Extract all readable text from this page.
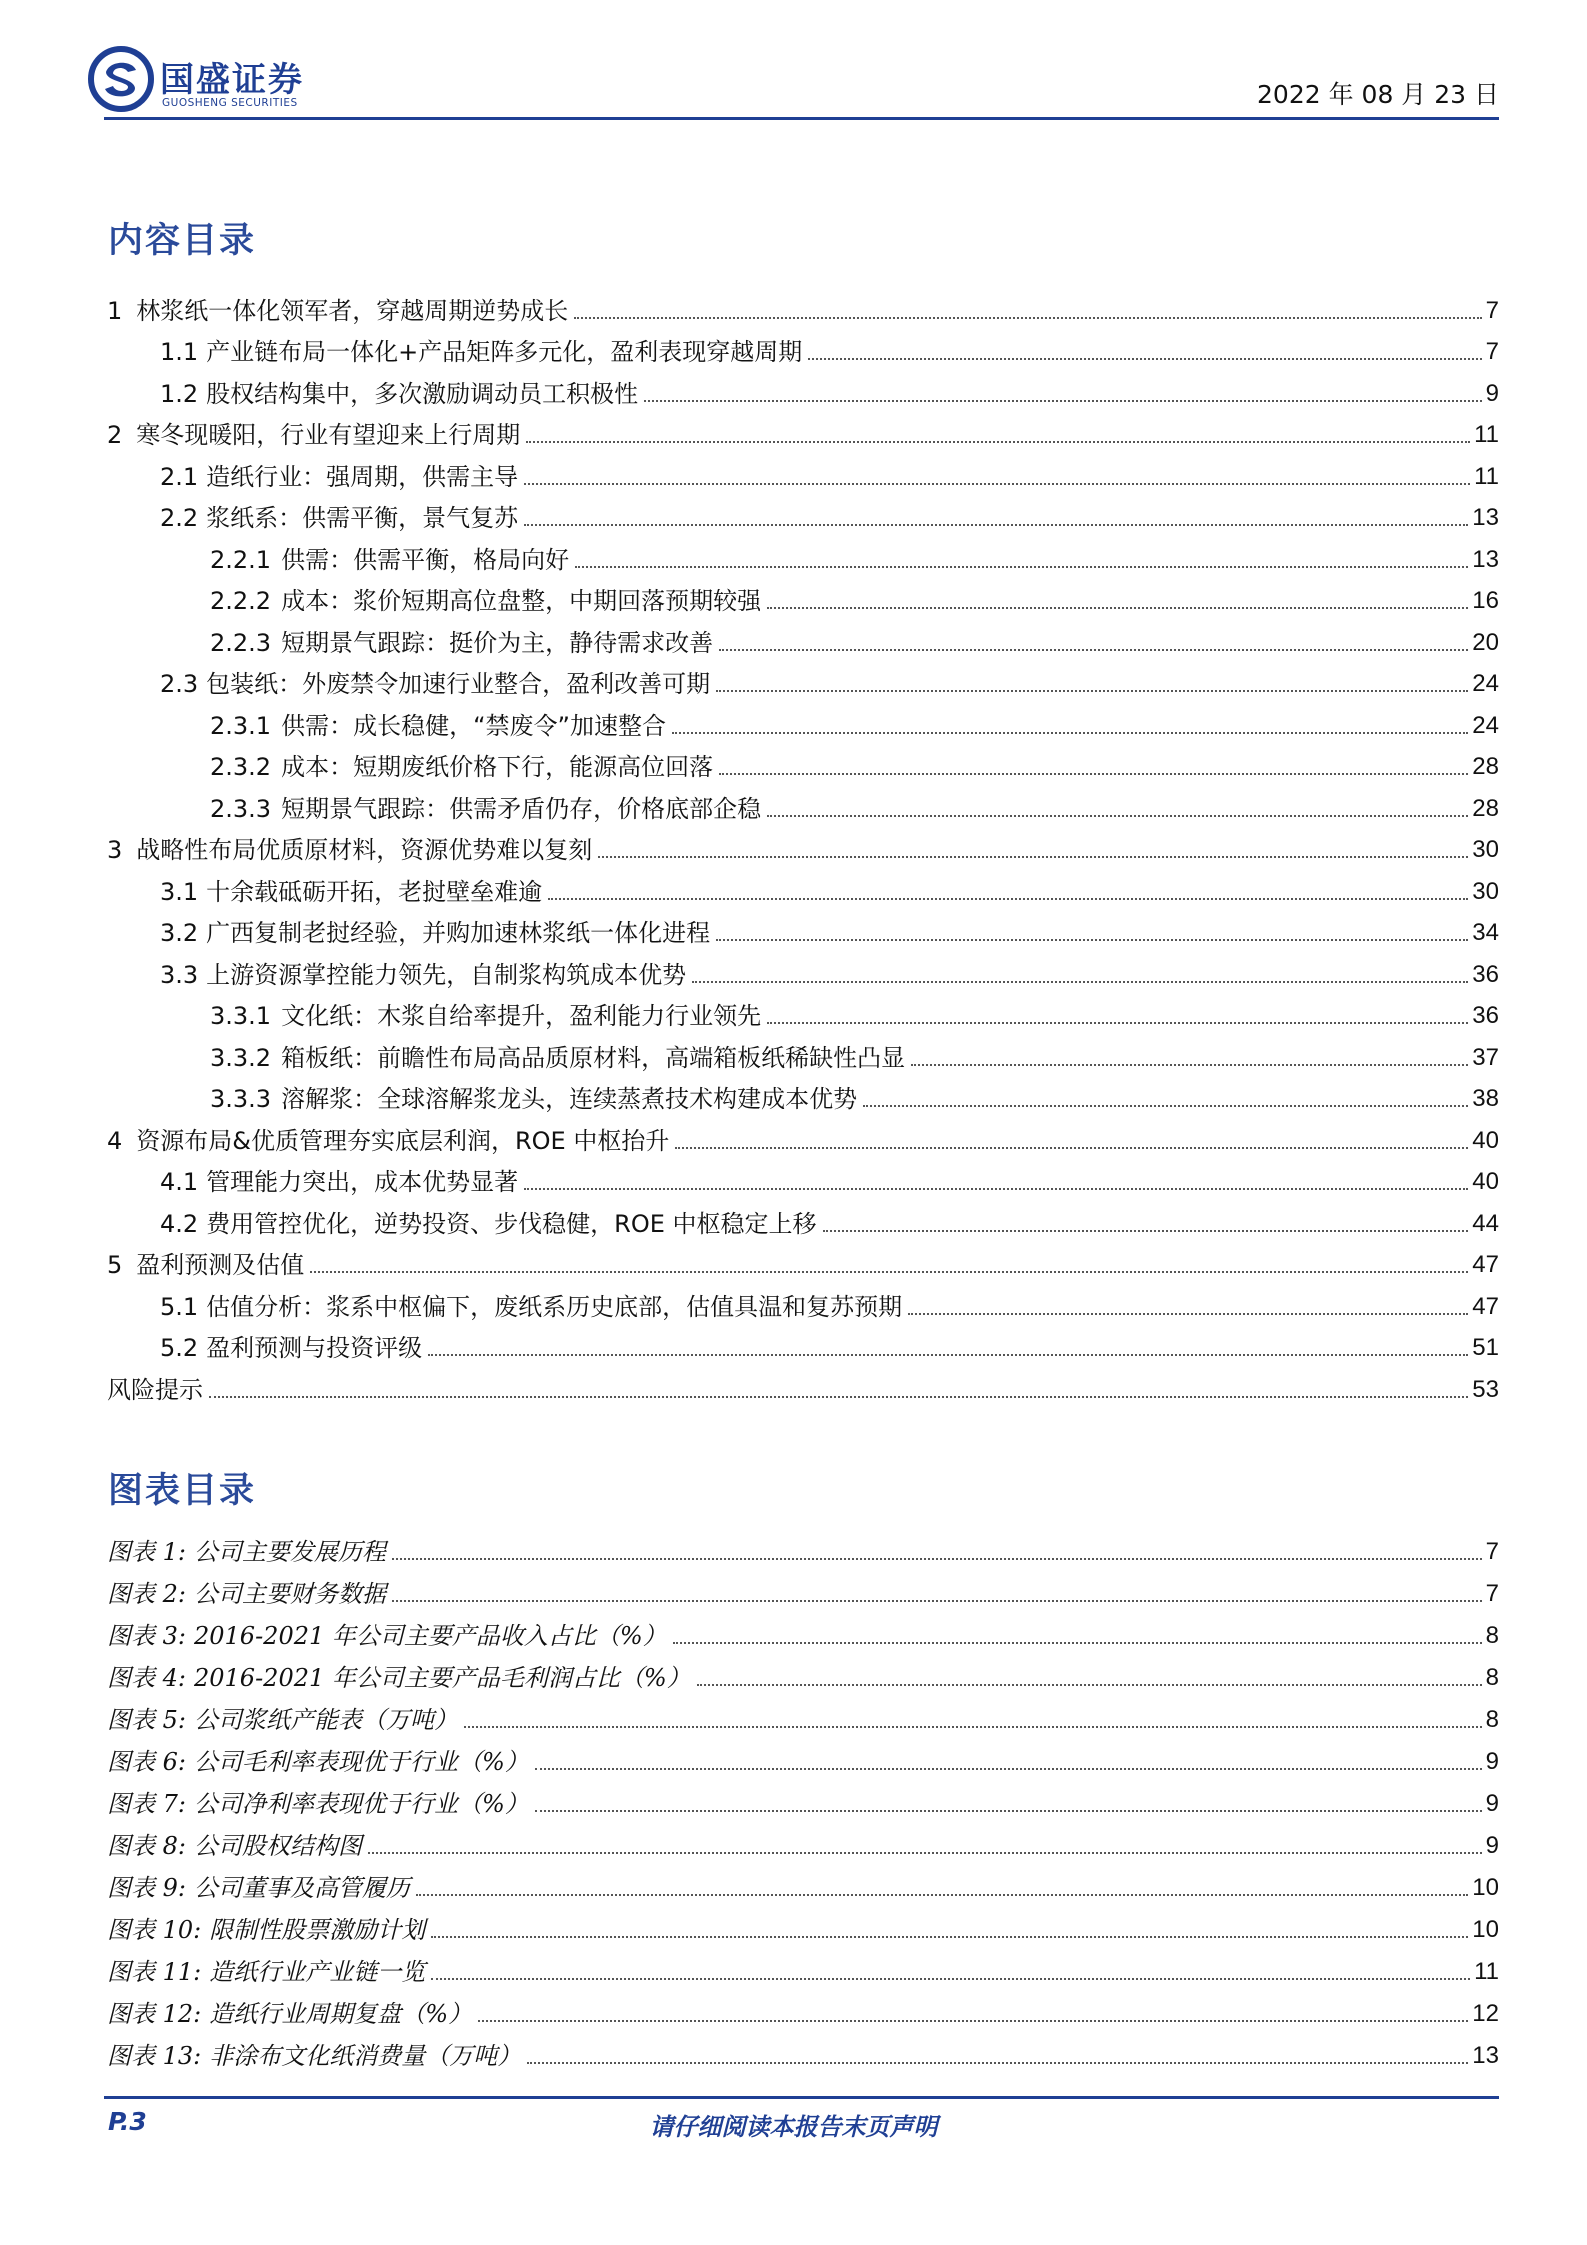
国盛证券
GUOSHENG SECURITIES	2022 年 08 月 23 日
内容目录
1 林浆纸一体化领军者，穿越周期逆势成长	7
1.1 产业链布局一体化+产品矩阵多元化，盈利表现穿越周期	7
1.2 股权结构集中，多次激励调动员工积极性	9
2 寒冬现暖阳，行业有望迎来上行周期	11
2.1 造纸行业：强周期，供需主导	11
2.2 浆纸系：供需平衡，景气复苏	13
2.2.1 供需：供需平衡，格局向好	13
2.2.2 成本：浆价短期高位盘整，中期回落预期较强	16
2.2.3 短期景气跟踪：挺价为主，静待需求改善	20
2.3 包装纸：外废禁令加速行业整合，盈利改善可期	24
2.3.1 供需：成长稳健，“禁废令”加速整合	24
2.3.2 成本：短期废纸价格下行，能源高位回落	28
2.3.3 短期景气跟踪：供需矛盾仍存，价格底部企稳	28
3 战略性布局优质原材料，资源优势难以复刻	30
3.1 十余载砥砺开拓，老挝壁垒难逾	30
3.2 广西复制老挝经验，并购加速林浆纸一体化进程	34
3.3 上游资源掌控能力领先，自制浆构筑成本优势	36
3.3.1 文化纸：木浆自给率提升，盈利能力行业领先	36
3.3.2 箱板纸：前瞻性布局高品质原材料，高端箱板纸稀缺性凸显	37
3.3.3 溶解浆：全球溶解浆龙头，连续蒸煮技术构建成本优势	38
4 资源布局&优质管理夯实底层利润，ROE 中枢抬升	40
4.1 管理能力突出，成本优势显著	40
4.2 费用管控优化，逆势投资、步伐稳健，ROE 中枢稳定上移	44
5 盈利预测及估值	47
5.1 估值分析：浆系中枢偏下，废纸系历史底部，估值具温和复苏预期	47
5.2 盈利预测与投资评级	51
风险提示	53
图表目录
图表 1: 公司主要发展历程	7
图表 2: 公司主要财务数据	7
图表 3: 2016-2021 年公司主要产品收入占比（%）	8
图表 4: 2016-2021 年公司主要产品毛利润占比（%）	8
图表 5: 公司浆纸产能表（万吨）	8
图表 6: 公司毛利率表现优于行业（%）	9
图表 7: 公司净利率表现优于行业（%）	9
图表 8: 公司股权结构图	9
图表 9: 公司董事及高管履历	10
图表 10: 限制性股票激励计划	10
图表 11: 造纸行业产业链一览	11
图表 12: 造纸行业周期复盘（%）	12
图表 13: 非涂布文化纸消费量（万吨）	13
P.3	请仔细阅读本报告末页声明
